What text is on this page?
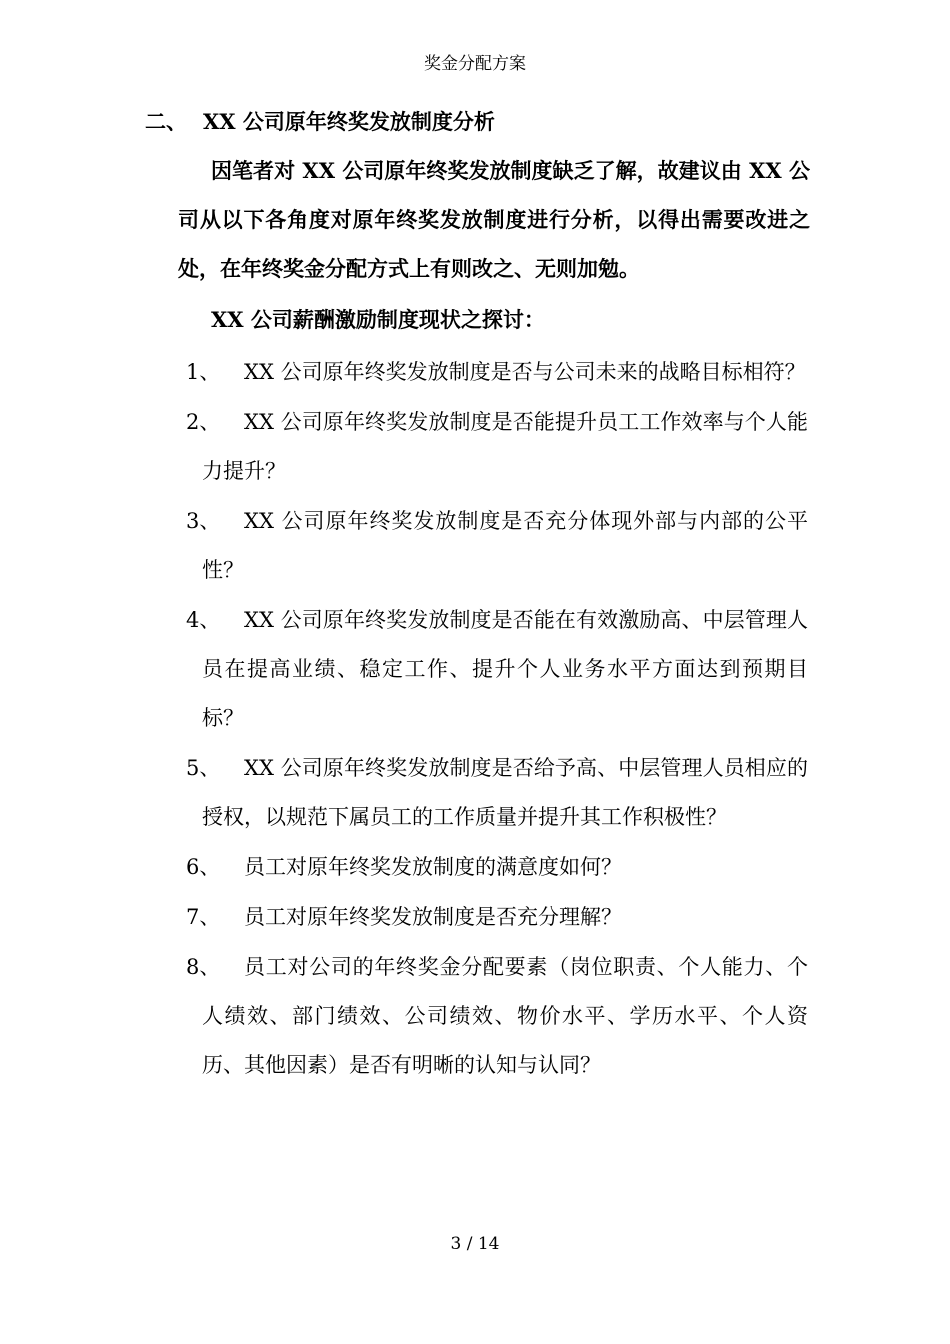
奖金分配方案
二、 XX 公司原年终奖发放制度分析

因笔者对 XX 公司原年终奖发放制度缺乏了解，故建议由 XX 公司从以下各角度对原年终奖发放制度进行分析，以得出需要改进之处，在年终奖金分配方式上有则改之、无则加勉。

XX 公司薪酬激励制度现状之探讨：
1、	XX 公司原年终奖发放制度是否与公司未来的战略目标相符？
2、	XX 公司原年终奖发放制度是否能提升员工工作效率与个人能力提升？
3、	XX 公司原年终奖发放制度是否充分体现外部与内部的公平性？
4、	XX 公司原年终奖发放制度是否能在有效激励高、中层管理人员在提高业绩、稳定工作、提升个人业务水平方面达到预期目标？
5、	XX 公司原年终奖发放制度是否给予高、中层管理人员相应的授权，以规范下属员工的工作质量并提升其工作积极性？
6、	员工对原年终奖发放制度的满意度如何？
7、	员工对原年终奖发放制度是否充分理解？
8、	员工对公司的年终奖金分配要素（岗位职责、个人能力、个人绩效、部门绩效、公司绩效、物价水平、学历水平、个人资历、其他因素）是否有明晰的认知与认同？
3 / 14
